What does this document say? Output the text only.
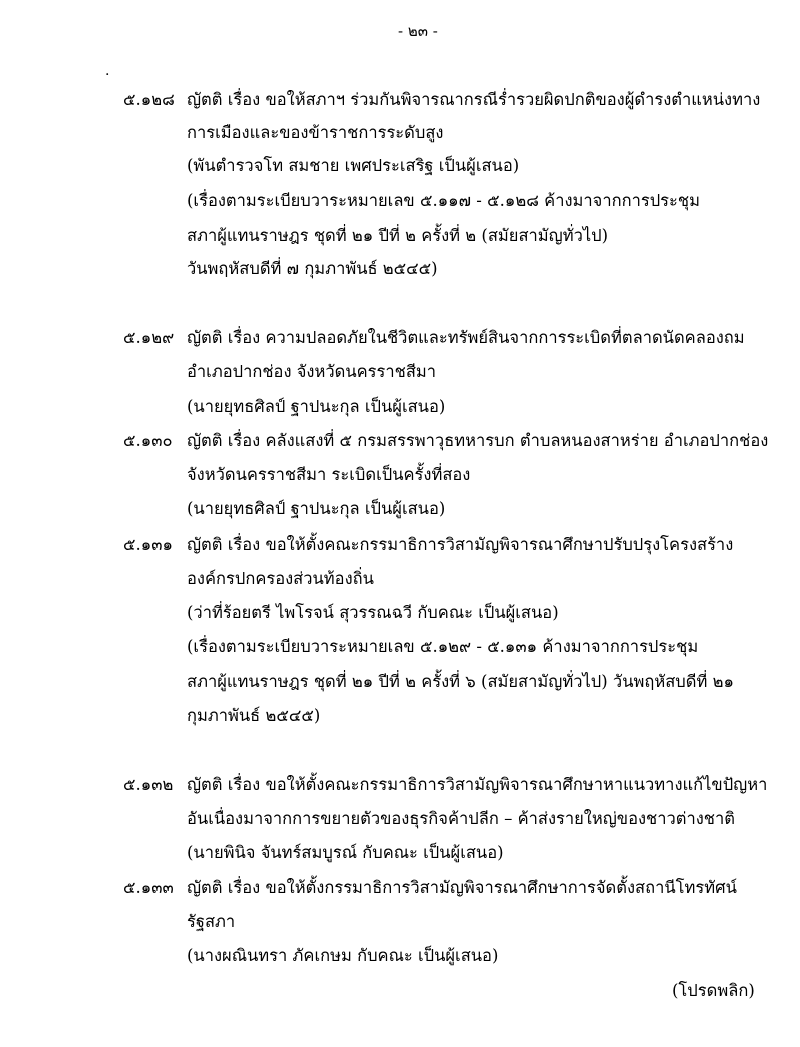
- ๒๓ -
·
๕.๑๒๘ ญัตติ เรื่อง ขอให้สภาฯ ร่วมกันพิจารณากรณีร่ำรวยผิดปกติของผู้ดำรงตำแหน่งทาง
การเมืองและของข้าราชการระดับสูง
(พันตำรวจโท สมชาย เพศประเสริฐ เป็นผู้เสนอ)
(เรื่องตามระเบียบวาระหมายเลข ๕.๑๑๗ - ๕.๑๒๘ ค้างมาจากการประชุม
สภาผู้แทนราษฎร ชุดที่ ๒๑ ปีที่ ๒ ครั้งที่ ๒ (สมัยสามัญทั่วไป)
วันพฤหัสบดีที่ ๗ กุมภาพันธ์ ๒๕๔๕)
๕.๑๒๙ ญัตติ เรื่อง ความปลอดภัยในชีวิตและทรัพย์สินจากการระเบิดที่ตลาดนัดคลองถม
อำเภอปากช่อง จังหวัดนครราชสีมา
(นายยุทธศิลป์ ฐาปนะกุล เป็นผู้เสนอ)
๕.๑๓๐ ญัตติ เรื่อง คลังแสงที่ ๕ กรมสรรพาวุธทหารบก ตำบลหนองสาหร่าย อำเภอปากช่อง
จังหวัดนครราชสีมา ระเบิดเป็นครั้งที่สอง
(นายยุทธศิลป์ ฐาปนะกุล เป็นผู้เสนอ)
๕.๑๓๑ ญัตติ เรื่อง ขอให้ตั้งคณะกรรมาธิการวิสามัญพิจารณาศึกษาปรับปรุงโครงสร้าง
องค์กรปกครองส่วนท้องถิ่น
(ว่าที่ร้อยตรี ไพโรจน์ สุวรรณฉวี กับคณะ เป็นผู้เสนอ)
(เรื่องตามระเบียบวาระหมายเลข ๕.๑๒๙ - ๕.๑๓๑ ค้างมาจากการประชุม
สภาผู้แทนราษฎร ชุดที่ ๒๑ ปีที่ ๒ ครั้งที่ ๖ (สมัยสามัญทั่วไป) วันพฤหัสบดีที่ ๒๑
กุมภาพันธ์ ๒๕๔๕)
๕.๑๓๒ ญัตติ เรื่อง ขอให้ตั้งคณะกรรมาธิการวิสามัญพิจารณาศึกษาหาแนวทางแก้ไขปัญหา
อันเนื่องมาจากการขยายตัวของธุรกิจค้าปลีก – ค้าส่งรายใหญ่ของชาวต่างชาติ
(นายพินิจ จันทร์สมบูรณ์ กับคณะ เป็นผู้เสนอ)
๕.๑๓๓ ญัตติ เรื่อง ขอให้ตั้งกรรมาธิการวิสามัญพิจารณาศึกษาการจัดตั้งสถานีโทรทัศน์
รัฐสภา
(นางผณินทรา ภัคเกษม กับคณะ เป็นผู้เสนอ)
(โปรดพลิก)
